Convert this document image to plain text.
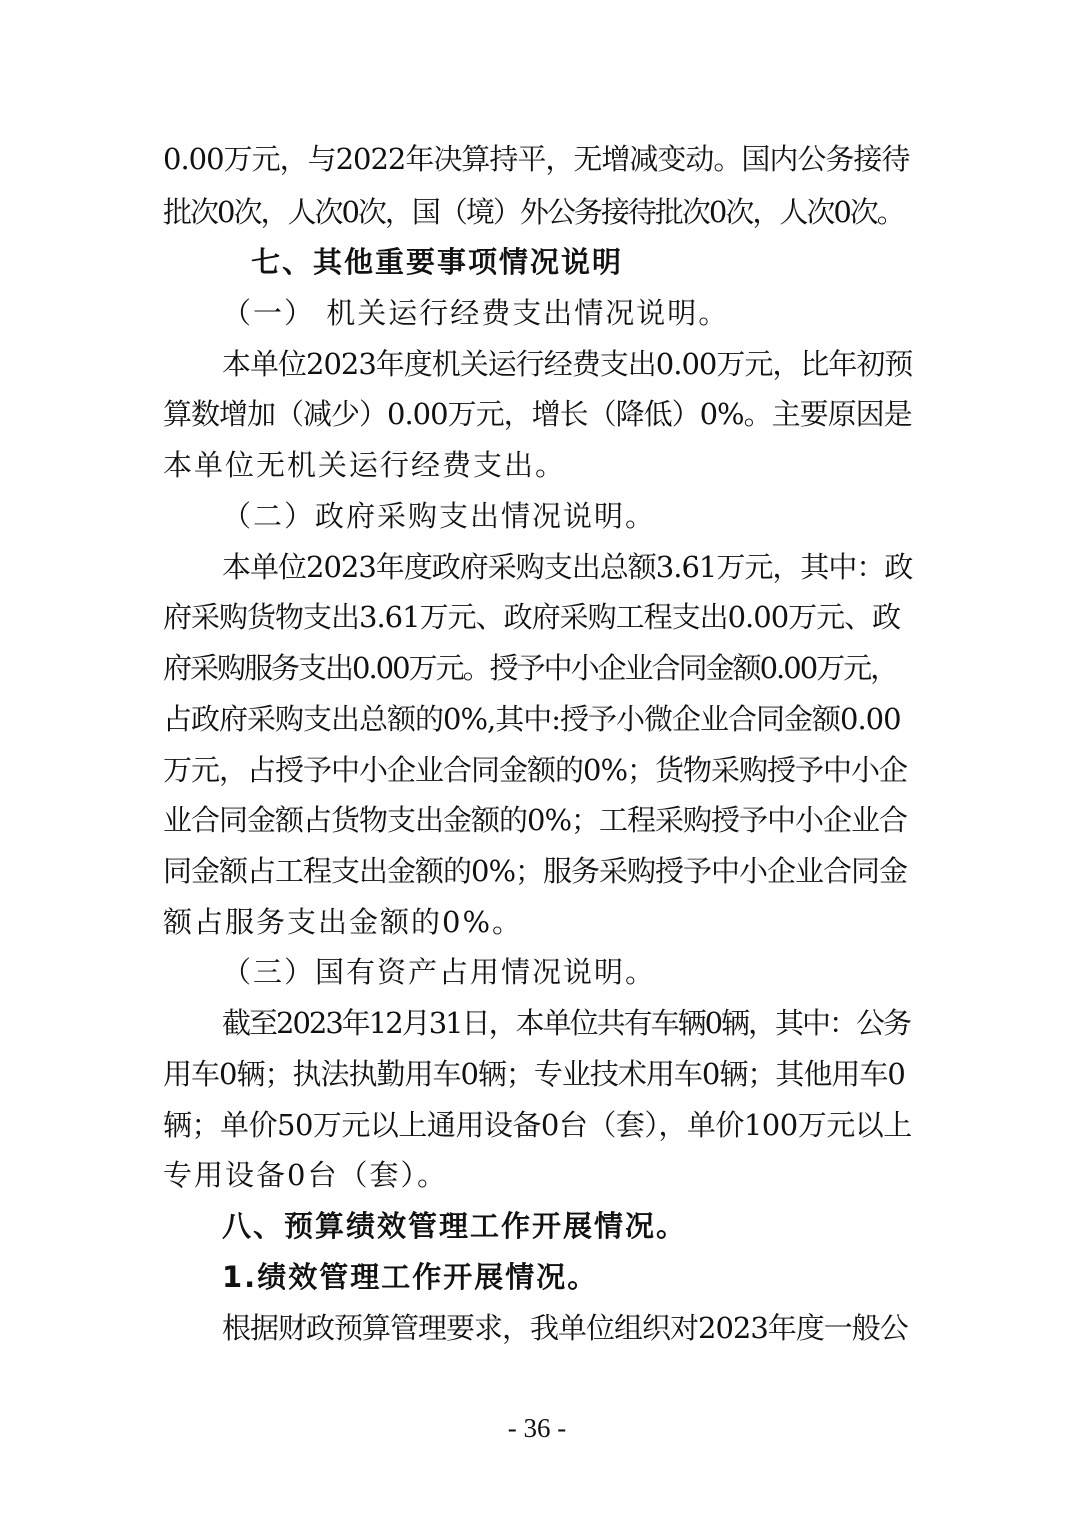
0.00万元，与2022年决算持平，无增减变动。国内公务接待
批次0次，人次0次，国（境）外公务接待批次0次，人次0次。
七、其他重要事项情况说明
（一） 机关运行经费支出情况说明。
本单位2023年度机关运行经费支出0.00万元，比年初预
算数增加（减少）0.00万元，增长（降低）0%。主要原因是
本单位无机关运行经费支出。
（二）政府采购支出情况说明。
本单位2023年度政府采购支出总额3.61万元，其中：政
府采购货物支出3.61万元、政府采购工程支出0.00万元、政
府采购服务支出0.00万元。授予中小企业合同金额0.00万元，
占政府采购支出总额的0%,其中:授予小微企业合同金额0.00
万元，占授予中小企业合同金额的0%；货物采购授予中小企
业合同金额占货物支出金额的0%；工程采购授予中小企业合
同金额占工程支出金额的0%；服务采购授予中小企业合同金
额占服务支出金额的0%。
（三）国有资产占用情况说明。
截至2023年12月31日，本单位共有车辆0辆，其中：公务
用车0辆；执法执勤用车0辆；专业技术用车0辆；其他用车0
辆；单价50万元以上通用设备0台（套），单价100万元以上
专用设备0台（套）。
八、预算绩效管理工作开展情况。
1.绩效管理工作开展情况。
根据财政预算管理要求，我单位组织对2023年度一般公
- 36 -
